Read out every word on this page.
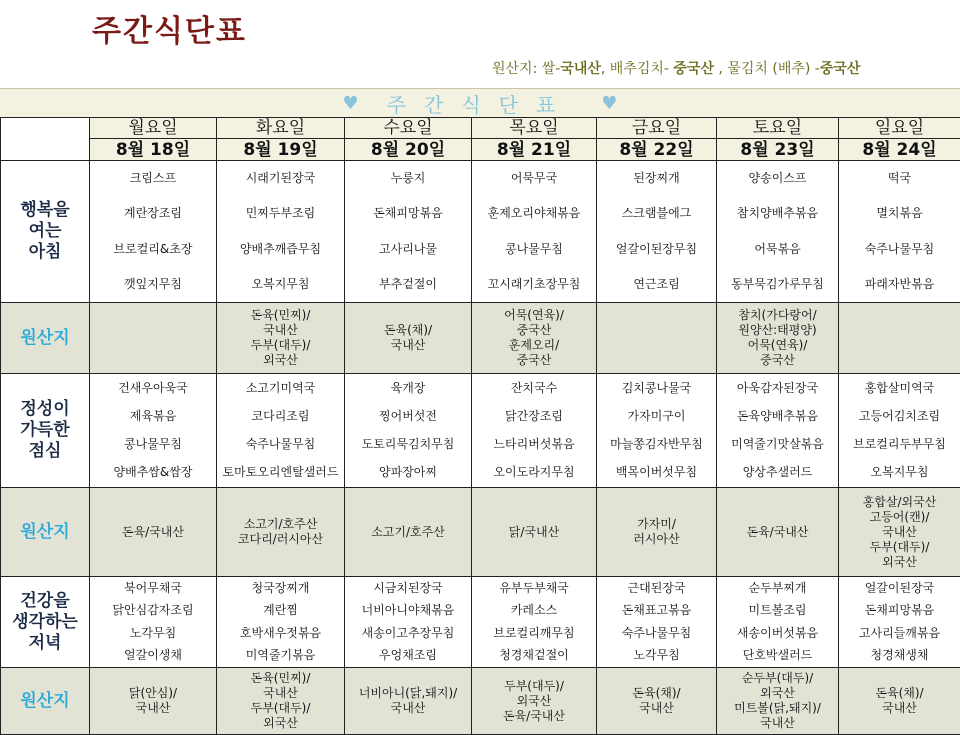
주간식단표
원산지: 쌀-국내산, 배추김치- 중국산 , 물김치 (배추) -중국산
♥ 주간식단표 ♥
	월요일	화요일	수요일	목요일	금요일	토요일	일요일
	8월 18일	8월 19일	8월 20일	8월 21일	8월 22일	8월 23일	8월 24일
행복을
여는
아침	크림스프
계란장조림
브로컬리&초장
깻잎지무침	시래기된장국
민찌두부조림
양배추깨즙무침
오복지무침	누룽지
돈채피망볶음
고사리나물
부추겉절이	어묵무국
훈제오리야채볶음
콩나물무침
꼬시래기초장무침	된장찌개
스크램블에그
얼갈이된장무침
연근조림	양송이스프
참치양배추볶음
어묵볶음
동부묵김가루무침	떡국
멸치볶음
숙주나물무침
파래자반볶음

원산지		돈육(민찌)/
국내산
두부(대두)/
외국산	돈육(채)/
국내산	어묵(연육)/
중국산
훈제오리/
중국산		참치(가다랑어/
원양산:태평양)
어묵(연육)/
중국산	

정성이
가득한
점심	건새우아욱국
제육볶음
콩나물무침
양배추쌈&쌈장	소고기미역국
코다리조림
숙주나물무침
토마토오리엔탈샐러드	육개장
찡어버섯전
도토리묵김치무침
양파장아찌	잔치국수
닭간장조림
느타리버섯볶음
오이도라지무침	김치콩나물국
가자미구이
마늘쫑김자반무침
백목이버섯무침	아욱감자된장국
돈육양배추볶음
미역줄기맛살볶음
양상추샐러드	홍합살미역국
고등어김치조림
브로컬리두부무침
오복지무침

원산지	돈육/국내산	소고기/호주산
코다리/러시아산	소고기/호주산	닭/국내산	가자미/
러시아산	돈육/국내산	홍합살/외국산
고등어(캔)/
국내산
두부(대두)/
외국산

건강을
생각하는
저녁	북어무채국
닭안심감자조림
노각무침
얼갈이생채	청국장찌개
계란찜
호박새우젓볶음
미역줄기볶음	시금치된장국
너비아니야채볶음
새송이고추장무침
우엉채조림	유부두부채국
카레소스
브로컬리깨무침
청경채겉절이	근대된장국
돈채표고볶음
숙주나물무침
노각무침	순두부찌개
미트볼조림
새송이버섯볶음
단호박샐러드	얼갈이된장국
돈채피망볶음
고사리들깨볶음
청경채생채

원산지	닭(안심)/
국내산	돈육(민찌)/
국내산
두부(대두)/
외국산	너비아니(닭,돼지)/
국내산	두부(대두)/
외국산
돈육/국내산	돈육(채)/
국내산	순두부(대두)/
외국산
미트볼(닭,돼지)/
국내산	돈육(채)/
국내산
